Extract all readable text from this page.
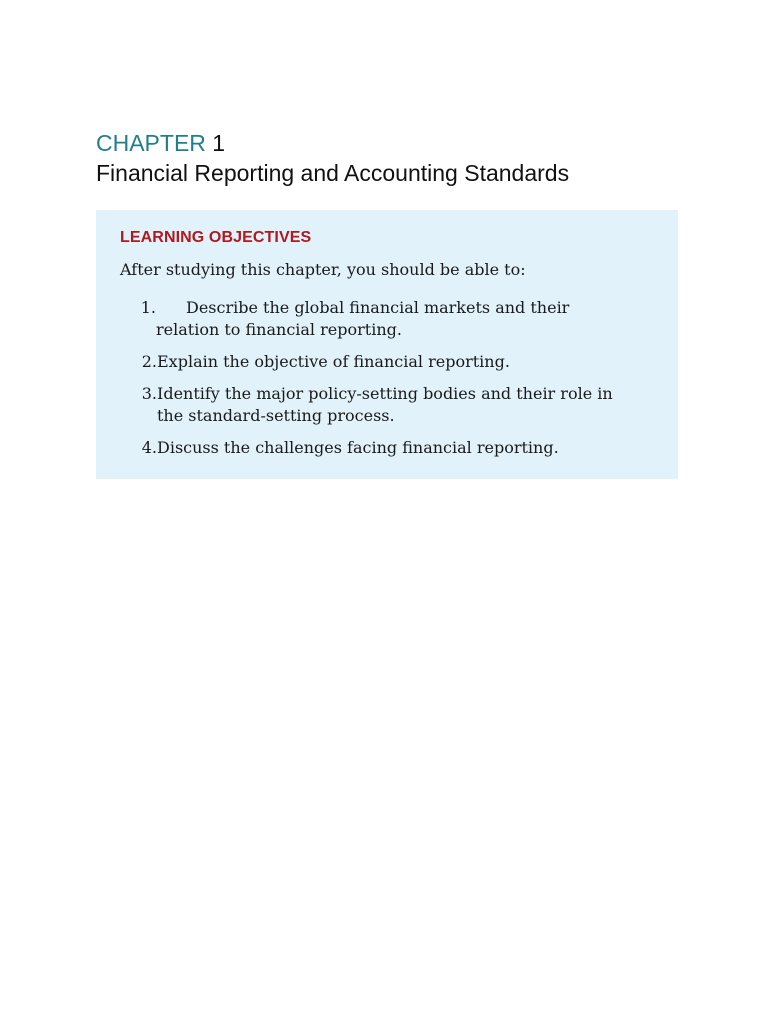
CHAPTER 1

Financial Reporting and Accounting Standards

LEARNING OBJECTIVES

After studying this chapter, you should be able to:

1.	Describe the global financial markets and their relation to financial reporting.
2. Explain the objective of financial reporting.
3. Identify the major policy-setting bodies and their role in the standard-setting process.
4. Discuss the challenges facing financial reporting.
